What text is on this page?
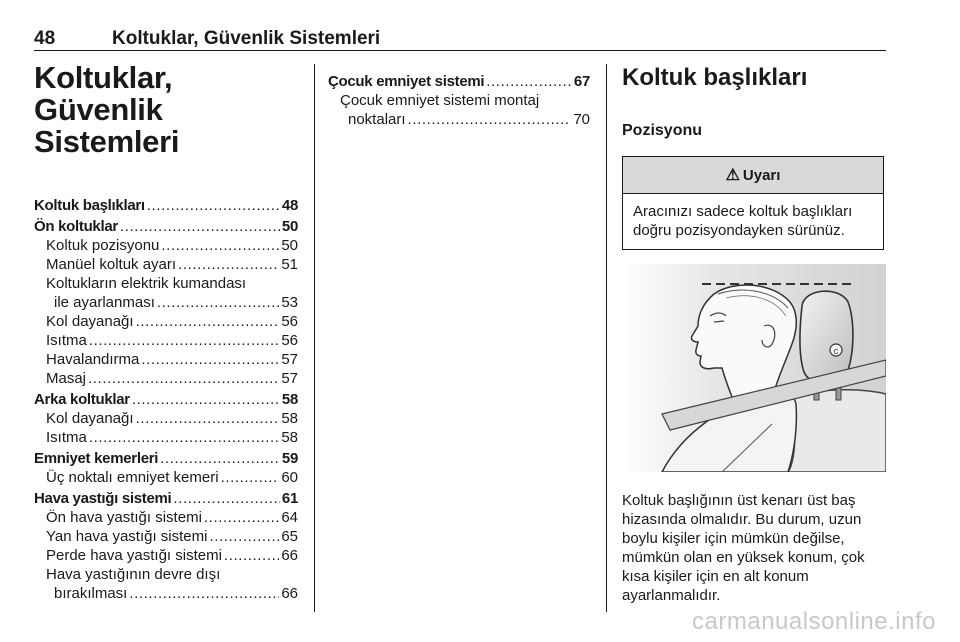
48	Koltuklar, Güvenlik Sistemleri
Koltuklar, Güvenlik
Sistemleri
Koltuk başlıkları .....	48
Ön koltuklar .....	50
Koltuk pozisyonu .....	50
Manüel koltuk ayarı .....	51
Koltukların elektrik kumandası
ile ayarlanması .....	53
Kol dayanağı .....	56
Isıtma .....	56
Havalandırma .....	57
Masaj .....	57
Arka koltuklar .....	58
Kol dayanağı .....	58
Isıtma .....	58
Emniyet kemerleri .....	59
Üç noktalı emniyet kemeri .....	60
Hava yastığı sistemi .....	61
Ön hava yastığı sistemi .....	64
Yan hava yastığı sistemi .....	65
Perde hava yastığı sistemi .....	66
Hava yastığının devre dışı
bırakılması .....	66
Çocuk emniyet sistemi .....	67
Çocuk emniyet sistemi montaj
noktaları .....	70
Koltuk başlıkları
Pozisyonu
⚠ Uyarı
Aracınızı sadece koltuk başlıkları doğru pozisyondayken sürünüz.
c
Koltuk başlığının üst kenarı üst baş hizasında olmalıdır. Bu durum, uzun boylu kişiler için mümkün değilse, mümkün olan en yüksek konum, çok kısa kişiler için en alt konum ayarlanmalıdır.
carmanualsonline.info
